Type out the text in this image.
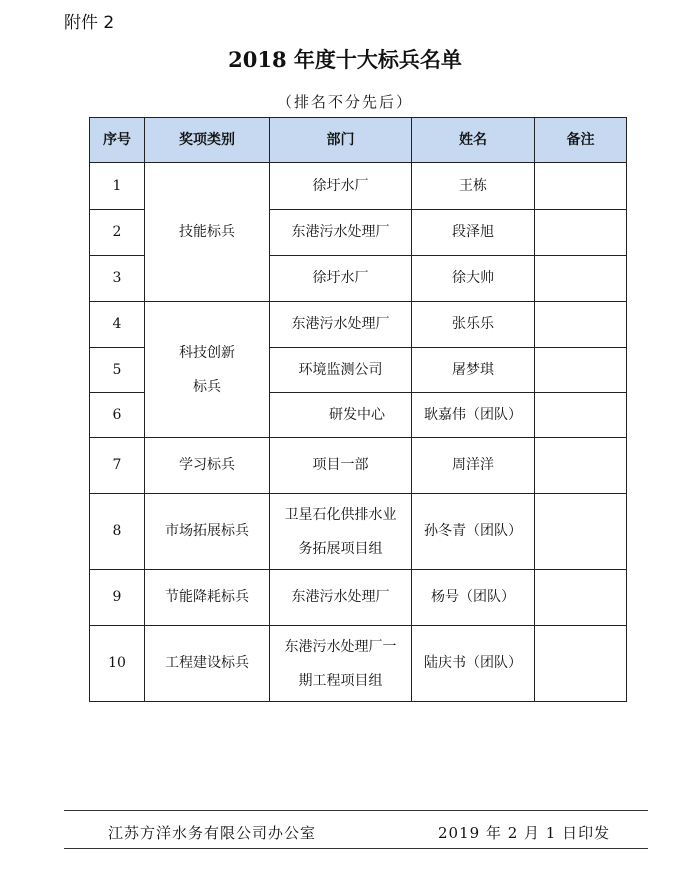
附件 2
2018 年度十大标兵名单
（排名不分先后）
序号	奖项类别	部门	姓名	备注
1	技能标兵	徐圩水厂	王栋	
2		东港污水处理厂	段泽旭	
3		徐圩水厂	徐大帅	
4	科技创新
标兵	东港污水处理厂	张乐乐	
5		环境监测公司	屠梦琪	
6		研发中心	耿嘉伟（团队）	
7	学习标兵	项目一部	周洋洋	
8	市场拓展标兵	卫星石化供排水业
务拓展项目组	孙冬青（团队）	
9	节能降耗标兵	东港污水处理厂	杨号（团队）	
10	工程建设标兵	东港污水处理厂一
期工程项目组	陆庆书（团队）	
江苏方洋水务有限公司办公室	2019 年 2 月 1 日印发
